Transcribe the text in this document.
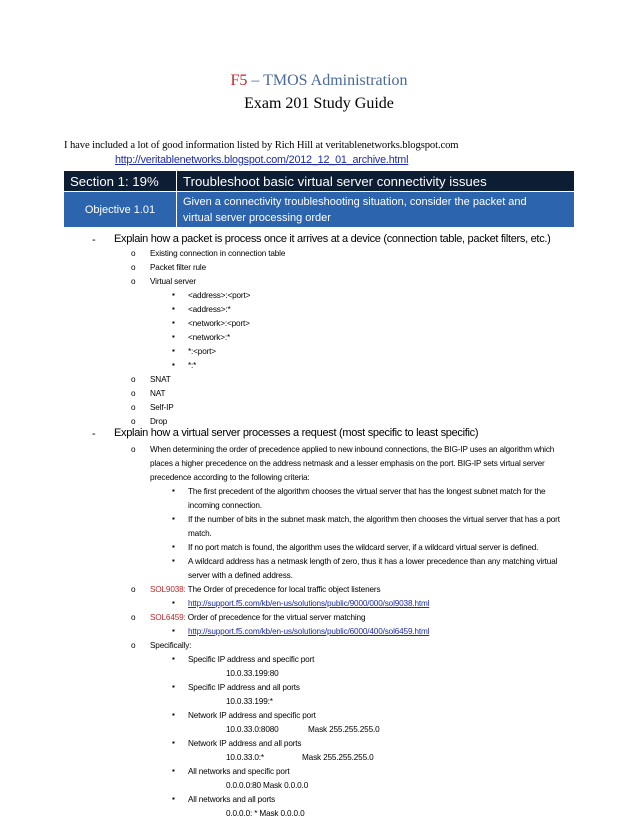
F5 – TMOS Administration
Exam 201 Study Guide
I have included a lot of good information listed by Rich Hill at veritablenetworks.blogspot.com
http://veritablenetworks.blogspot.com/2012_12_01_archive.html
Section 1: 19%	Troubleshoot basic virtual server connectivity issues
Objective 1.01	Given a connectivity troubleshooting situation, consider the packet and
virtual server processing order
- Explain how a packet is process once it arrives at a device (connection table, packet filters, etc.)
o Existing connection in connection table
o Packet filter rule
o Virtual server
▪ <address>:<port>
▪ <address>:*
▪ <network>:<port>
▪ <network>:*
▪ *:<port>
▪ *:*
o SNAT
o NAT
o Self-IP
o Drop
- Explain how a virtual server processes a request (most specific to least specific)
o When determining the order of precedence applied to new inbound connections, the BIG-IP uses an algorithm which
places a higher precedence on the address netmask and a lesser emphasis on the port. BIG-IP sets virtual server
precedence according to the following criteria:
▪ The first precedent of the algorithm chooses the virtual server that has the longest subnet match for the
incoming connection.
▪ If the number of bits in the subnet mask match, the algorithm then chooses the virtual server that has a port
match.
▪ If no port match is found, the algorithm uses the wildcard server, if a wildcard virtual server is defined.
▪ A wildcard address has a netmask length of zero, thus it has a lower precedence than any matching virtual
server with a defined address.
o SOL9038: The Order of precedence for local traffic object listeners
▪ http://support.f5.com/kb/en-us/solutions/public/9000/000/sol9038.html
o SOL6459: Order of precedence for the virtual server matching
▪ http://support.f5.com/kb/en-us/solutions/public/6000/400/sol6459.html
o Specifically:
▪ Specific IP address and specific port
10.0.33.199:80
▪ Specific IP address and all ports
10.0.33.199:*
▪ Network IP address and specific port
10.0.33.0:8080	Mask 255.255.255.0
▪ Network IP address and all ports
10.0.33.0:*	Mask 255.255.255.0
▪ All networks and specific port
0.0.0.0:80 Mask 0.0.0.0
▪ All networks and all ports
0.0.0.0: * Mask 0.0.0.0
